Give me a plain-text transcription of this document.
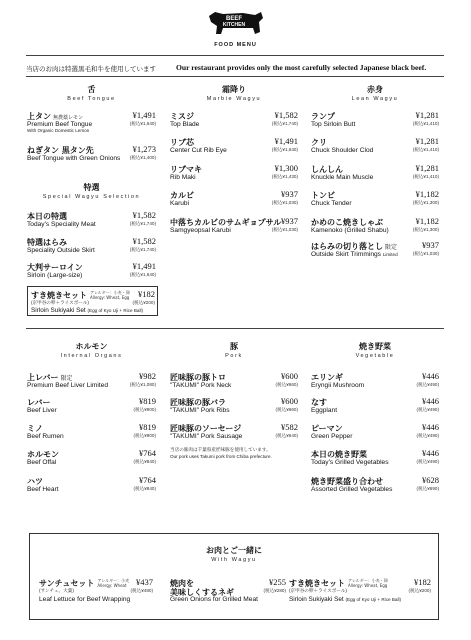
BEEF
KITCHEN
FOOD MENU
当店のお肉は特選黒毛和牛を使用しています	Our restaurant provides only the most carefully selected Japanese black beef.
舌
Beef Tongue
上タン 無農薬レモン
Premium Beef Tongue
With Organic Domestic Lemon
¥1,491
(税込¥1,640)
ねぎタン 黒タン先
Beef Tongue with Green Onions
¥1,273
(税込¥1,400)
特選
Special Wagyu Selection
本日の特選
Today's Speciality Meat
¥1,582
(税込¥1,740)
特選はらみ
Speciality Outside Skirt
¥1,582
(税込¥1,740)
大判サーロイン
Sirloin (Large-size)
¥1,491
(税込¥1,640)
すき焼きセット アレルギー：小麦・卵
Allergy: Wheat, Egg
(京甲谷の卵＋ライスボール)
Sirloin Sukiyaki Set (Egg of Kyo Uji + Rice Ball)
¥182
(税込¥200)
霜降り
Marbie Wagyu
ミスジ
Top Blade
¥1,582
(税込¥1,740)
リブ芯
Center Cut Rib Eye
¥1,491
(税込¥1,640)
リブマキ
Rib Maki
¥1,300
(税込¥1,430)
カルビ
Karubi
¥937
(税込¥1,030)
中落ちカルビのサムギョプサル
Samgyeopsal Karubi
¥937
(税込¥1,030)
赤身
Lean Wagyu
ランプ
Top Sirloin Butt
¥1,281
(税込¥1,410)
クリ
Chuck Shoulder Clod
¥1,281
(税込¥1,410)
しんしん
Knuckle Main Muscle
¥1,281
(税込¥1,410)
トンビ
Chuck Tender
¥1,182
(税込¥1,300)
かめのこ焼きしゃぶ
Kamenoko (Grilled Shabu)
¥1,182
(税込¥1,300)
はらみの切り落とし 限定
Outside Skirt Trimmings Limited
¥937
(税込¥1,030)
ホルモン
Internal Organs
上レバー 限定
Premium Beef Liver Limited
¥982
(税込¥1,080)
レバー
Beef Liver
¥819
(税込¥900)
ミノ
Beef Rumen
¥819
(税込¥900)
ホルモン
Beef Offal
¥764
(税込¥840)
ハツ
Beef Heart
¥764
(税込¥840)
豚
Pork
匠味豚の豚トロ
"TAKUMI" Pork Neck
¥600
(税込¥660)
匠味豚の豚バラ
"TAKUMI" Pork Ribs
¥600
(税込¥660)
匠味豚のソーセージ
"TAKUMI" Pork Sausage
¥582
(税込¥640)
当店の豚肉は千葉県産匠味豚を使用しています。
Our pork uses Takumi pork from Chiba prefecture.
焼き野菜
Vegetable
エリンギ
Eryngii Mushroom
¥446
(税込¥490)
なす
Eggplant
¥446
(税込¥490)
ピーマン
Green Pepper
¥446
(税込¥490)
本日の焼き野菜
Today's Grilled Vegetables
¥446
(税込¥490)
焼き野菜盛り合わせ
Assorted Grilled Vegetables
¥628
(税込¥690)
お肉とご一緒に
With Wagyu
サンチュセット アレルギー：小麦
Allergy: Wheat
(サンチュ、大葉)
Leaf Lettuce for Beef Wrapping
¥437
(税込¥480)
焼肉を
美味しくするネギ
Green Onions for Grilled Meat
¥255
(税込¥280)
すき焼きセット アレルギー：小麦・卵
Allergy: Wheat, Egg
(京甲谷の卵＋ライスボール)
Sirloin Sukiyaki Set (Egg of Kyo Uji + Rice Ball)
¥182
(税込¥200)
